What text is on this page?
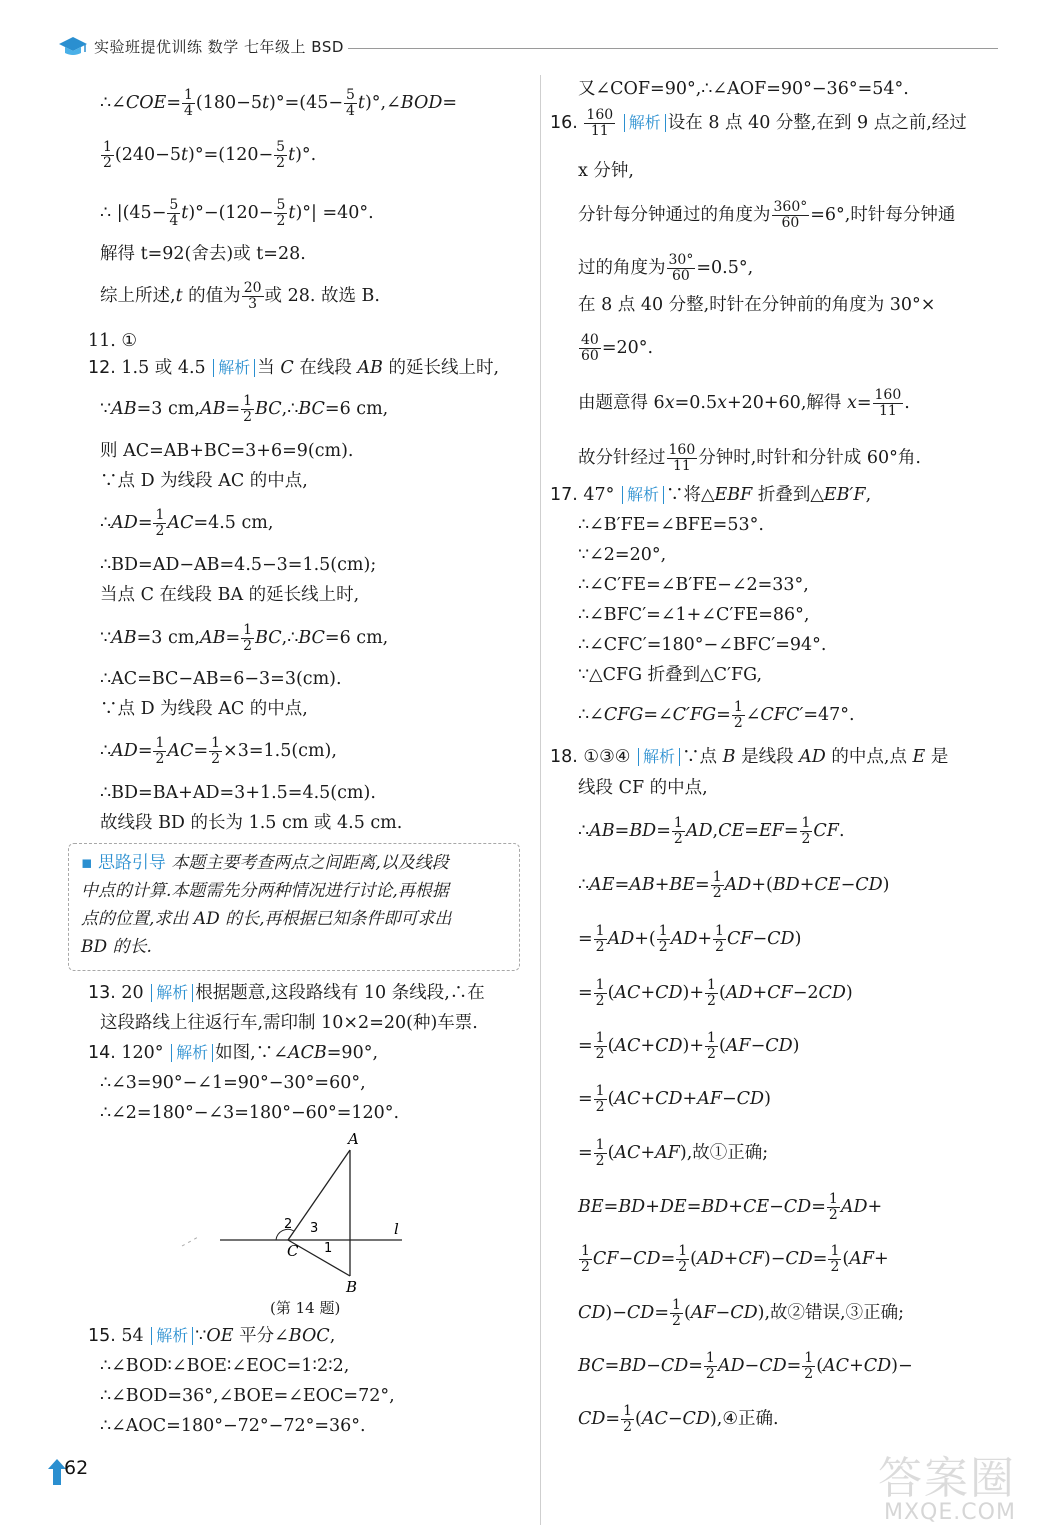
实验班提优训练 数学 七年级上 BSD
∴∠COE= $\frac{1}{4} (180-5t)^\circ=(45- \frac{5}{4}$ t)°,∠BOD=
$\frac{1}{2} (240-5t)^\circ=(120- \frac{5}{2} t)^\circ$.
∴ $|(45- \frac{5}{4} t)^\circ-(120- \frac{5}{2} t)^\circ| =40^\circ$.
解得 t=92(舍去)或 t=28.
综上所述,t 的值为 $\frac{20}{3}$ 或 28. 故选 B.
11. ①
12. 1.5 或 4.5 解析 当 C 在线段 AB 的延长线上时,
∵AB=3 $cm,AB= \frac{1}{2}$ BC,∴BC=6 cm,
则 AC=AB+BC=3+6=9(cm).
∵点 D 为线段 AC 的中点,
∴AD= $\frac{1}{2} AC=4.5$ cm,
∴BD=AD−AB=4.5−3=1.5(cm);
当点 C 在线段 BA 的延长线上时,
∵AB=3 $cm,AB= \frac{1}{2}$ BC,∴BC=6 cm,
∴AC=BC−AB=6−3=3(cm).
∵点 D 为线段 AC 的中点,
∴AD= $\frac{1}{2} AC= \frac{1}{2} \times 3=1.5(cm)$,
∴BD=BA+AD=3+1.5=4.5(cm).
故线段 BD 的长为 1.5 cm 或 4.5 cm.
▪ 思路引导 本题主要考查两点之间距离,以及线段
中点的计算.本题需先分两种情况进行讨论,再根据
点的位置,求出 AD 的长,再根据已知条件即可求出
BD 的长.
13. 20 解析 根据题意,这段路线有 10 条线段,∴在
这段路线上往返行车,需印制 10×2=20(种)车票.
14. 120° 解析 如图,∵∠ACB=90°,
∴∠3=90°−∠1=90°−30°=60°,
∴∠2=180°−∠3=180°−60°=120°.
A
B
C
l
1
2 3
(第 14 题)
15. 54 解析 ∵OE 平分∠BOC,
∴∠BOD∶∠BOE∶∠EOC=1∶2∶2,
∴∠BOD=36°,∠BOE=∠EOC=72°,
∴∠AOC=180°−72°−72°=36°.
又∠COF=90°,∴∠AOF=90°−36°=54°.
16. $\frac{160}{11}$ 解析 设在 8 点 40 分整,在到 9 点之前,经过
x 分钟,
分针每分钟通过的角度为 $\frac{360^\circ}{60} =6^\circ$,时针每分钟通
过的角度为 $\frac{30^\circ}{60} =0.5^\circ$,
在 8 点 40 分整,时针在分钟前的角度为 30°×
$\frac{40}{60} =20^\circ$.
由题意得 6x=0.5x+20+60,解得 $x= \frac{160}{11}$ .
故分针经过 $\frac{160}{11}$ 分钟时,时针和分针成 60°角.
17. 47° 解析 ∵将△EBF 折叠到△EB′F,
∴∠B′FE=∠BFE=53°.
∵∠2=20°,
∴∠C′FE=∠B′FE−∠2=33°,
∴∠BFC′=∠1+∠C′FE=86°,
∴∠CFC′=180°−∠BFC′=94°.
∵△CFG 折叠到△C′FG,
∴∠CFG=∠C′FG= $\frac{1}{2}$ ∠CFC′=47°.
18. ①③④ 解析 ∵点 B 是线段 AD 的中点,点 E 是
线段 CF 的中点,
∴AB=BD= $\frac{1}{2} AD,CE=EF= \frac{1}{2}$ CF.
∴AE=AB+BE= $\frac{1}{2} AD+(BD+CE-CD)$
= $\frac{1}{2} AD+( \frac{1}{2} AD+ \frac{1}{2} CF-CD)$
= $\frac{1}{2} (AC+CD)+ \frac{1}{2} (AD+CF-2CD)$
= $\frac{1}{2} (AC+CD)+ \frac{1}{2} (AF-CD)$
= $\frac{1}{2} (AC+CD+AF-CD)$
= $\frac{1}{2} (AC+AF)$,故①正确;
$BE=BD+DE=BD+CE-CD= \frac{1}{2} AD+$
$\frac{1}{2} CF-CD= \frac{1}{2} (AD+CF)-CD= \frac{1}{2} (AF+$
$CD)-CD= \frac{1}{2} (AF-CD)$,故②错误,③正确;
$BC=BD-CD= \frac{1}{2} AD-CD= \frac{1}{2} (AC+CD)-$
$CD= \frac{1}{2}$ (AC−CD),④正确.
62	答案圈
MXQE.COM
